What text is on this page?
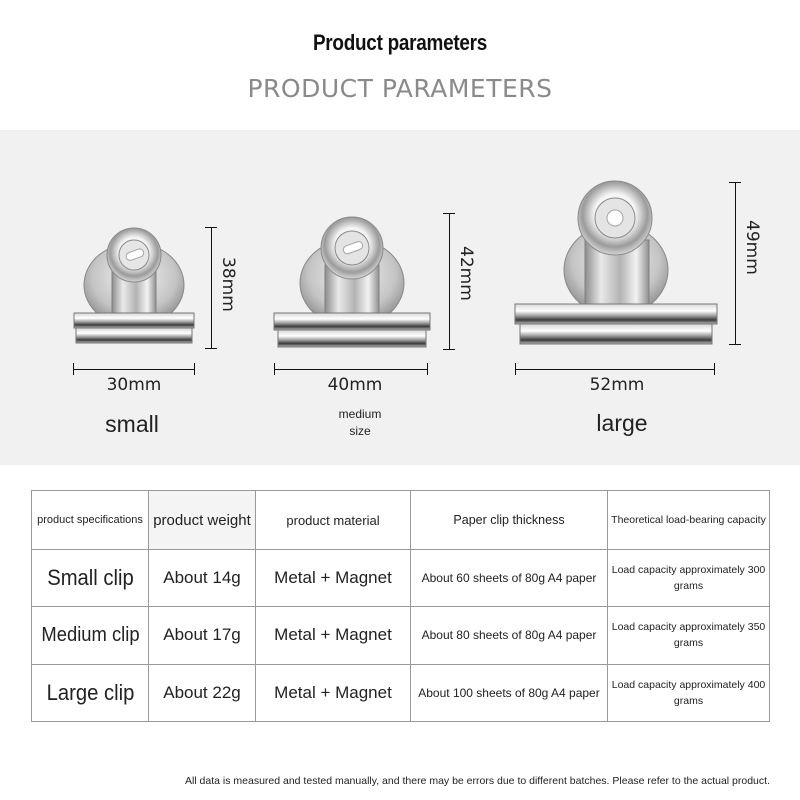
Product parameters
PRODUCT PARAMETERS
38mm
30mm
small
42mm
40mm
medium size
49mm
52mm
large
product specifications	product weight	product material	Paper clip thickness	Theoretical load-bearing capacity
Small clip	About 14g	Metal + Magnet	About 60 sheets of 80g A4 paper	Load capacity approximately 300 grams
Medium clip	About 17g	Metal + Magnet	About 80 sheets of 80g A4 paper	Load capacity approximately 350 grams
Large clip	About 22g	Metal + Magnet	About 100 sheets of 80g A4 paper	Load capacity approximately 400 grams
All data is measured and tested manually, and there may be errors due to different batches. Please refer to the actual product.
